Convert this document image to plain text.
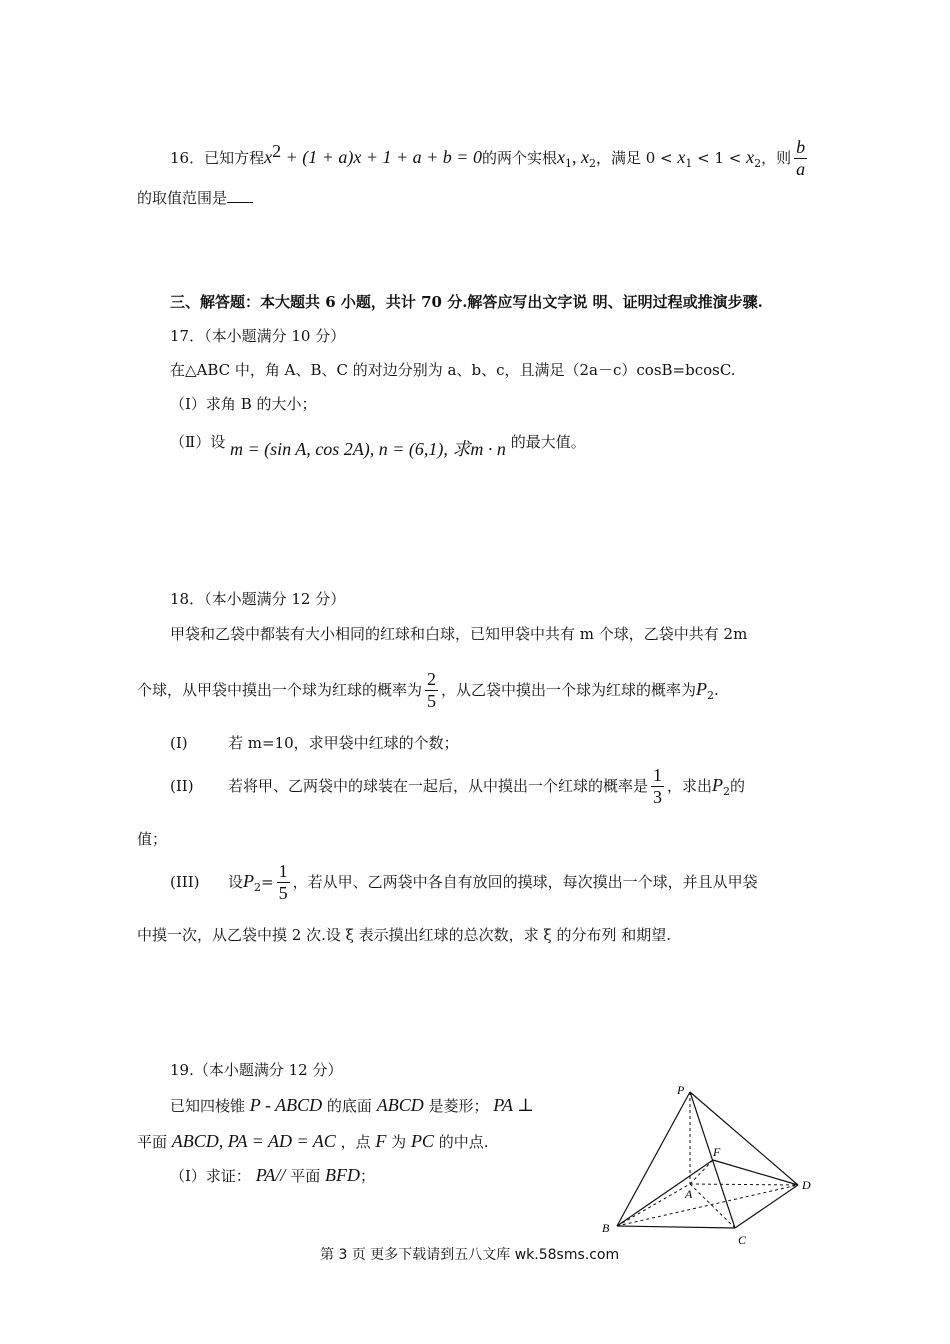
16．已知方程$x^2 + (1 + a)x + 1 + a + b = 0$的两个实根$x_1$, $x_2$，满足 $0 < x_1 < 1 < x_2$，则 $\frac{b}{a}$
的取值范围是
三、解答题：本大题共 6 小题，共计 70 分.解答应写出文字说 明、证明过程或推演步骤.
17．（本小题满分 10 分）
在△ABC 中，角 A、B、C 的对边分别为 a、b、c，且满足（2a－c）cosB=bcosC.
（Ⅰ）求角 B 的大小；
（Ⅱ）设 m = (sin A, cos 2A), n = (6,1), 求m · n 的最大值。
18．（本小题满分 12 分）
甲袋和乙袋中都装有大小相同的红球和白球，已知甲袋中共有 m 个球，乙袋中共有 2m
个球，从甲袋中摸出一个球为红球的概率为 $\frac{2}{5}$ ，从乙袋中摸出一个球为红球的概率为$P_2$.
(I)	若 m=10，求甲袋中红球的个数；
(II) 若将甲、乙两袋中的球装在一起后，从中摸出一个红球的概率是 $\frac{1}{3}$ ，求出$P_2$的
值；
(III) 设$P_2= \frac{1}{5}$ ，若从甲、乙两袋中各自有放回的摸球，每次摸出一个球，并且从甲袋
中摸一次，从乙袋中摸 2 次.设 ξ 表示摸出红球的总次数，求 ξ 的分布列 和期望.
19.（本小题满分 12 分）
已知四棱锥 P - ABCD 的底面 ABCD 是菱形； PA ⊥
平面 ABCD, PA = AD = AC ，点 F 为 PC 的中点.
（Ⅰ）求证： PA// 平面 BFD；
P
A
B
C
D
F
第 3 页 更多下载请到五八文库 wk.58sms.com
